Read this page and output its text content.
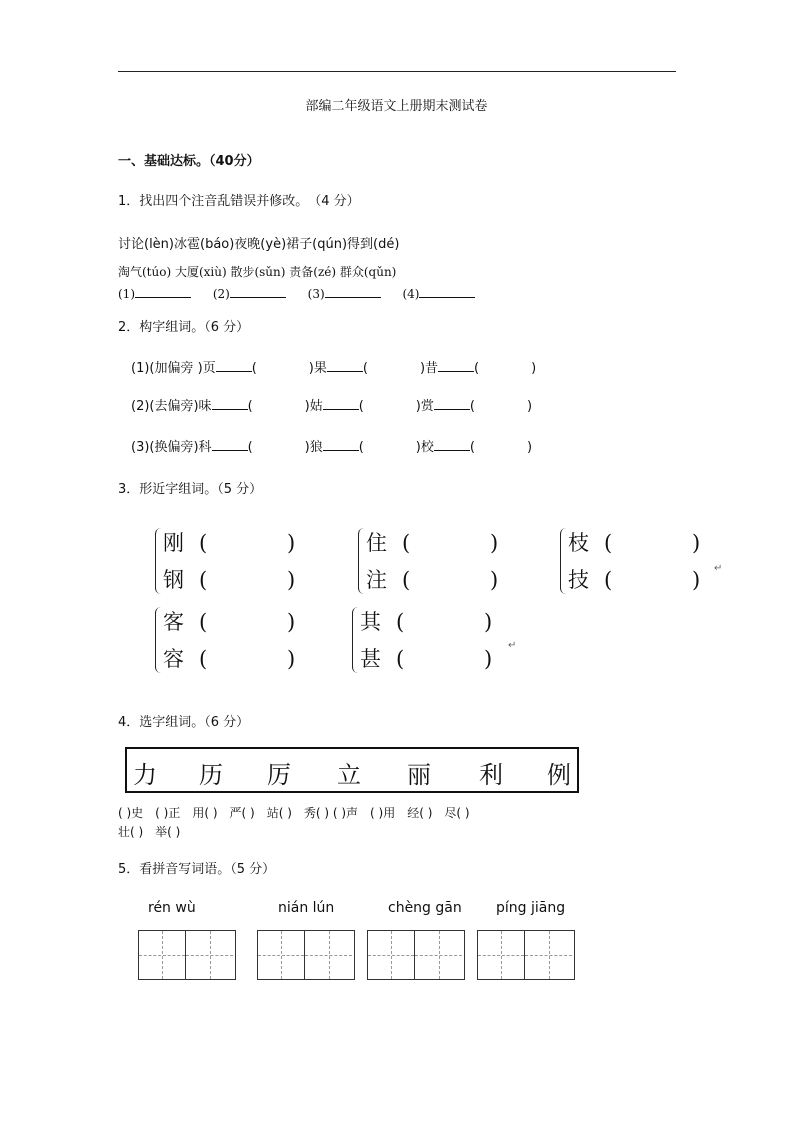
部编二年级语文上册期末测试卷
一、基础达标。（40分）
1．找出四个注音乱错误并修改。　（4 分）
讨论(lèn)冰雹(báo)夜晚(yè)裙子(qún)得到(dé)
淘气(túo) 大厦(xiù) 散步(sǔn) 责备(zé) 群众(qǔn)
(1)	(2)	(3)	(4)
2．构字组词。（6 分）
(1)(加偏旁 )页	(	)果	(	)昔	(	)
(2)(去偏旁)味	(	)姑	(	)赏	(	)
(3)(换偏旁)科	(	)狼	(	)校	(	)
3．形近字组词。（5 分）
刚 (	)
钢 (	)
住 (	)
注 (	)
枝 (	)
技 (	) ↵
客 (	)
容 (	)
其 (	)
甚 (	)
↵
4．选字组词。（6 分）
力 历 厉 立 丽 利 例
( )史　( )正　用( )　严( )　站( )　秀( ) ( )声　( )用　经( )　尽( )
壮( )　举( )
5．看拼音写词语。（5 分）
rén wù	nián lún	chèng gān píng jiāng
